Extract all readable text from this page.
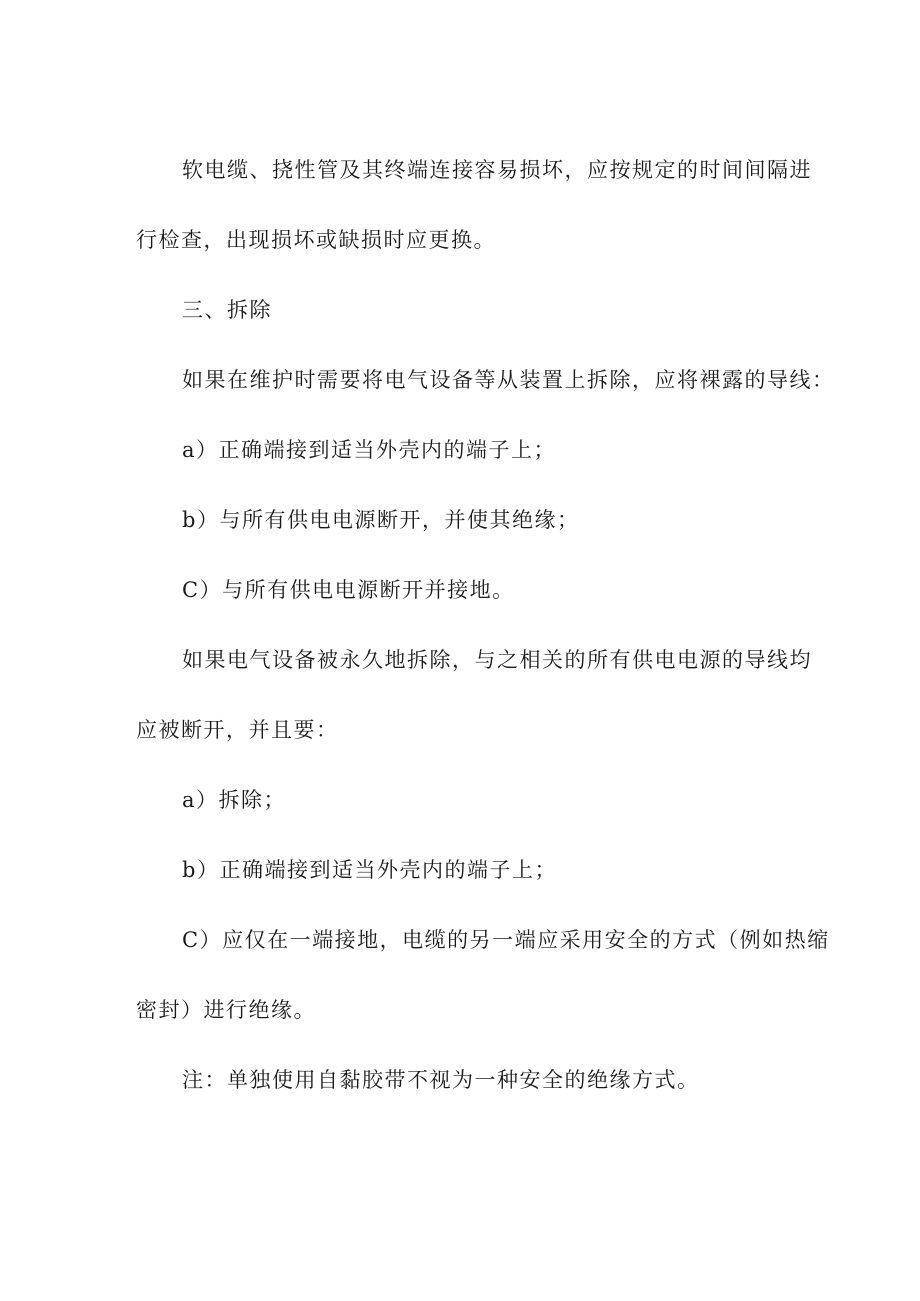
软电缆、挠性管及其终端连接容易损坏，应按规定的时间间隔进
行检查，出现损坏或缺损时应更换。
三、拆除
如果在维护时需要将电气设备等从装置上拆除，应将裸露的导线：
a）正确端接到适当外壳内的端子上；
b）与所有供电电源断开，并使其绝缘；
C）与所有供电电源断开并接地。
如果电气设备被永久地拆除，与之相关的所有供电电源的导线均
应被断开，并且要：
a）拆除；
b）正确端接到适当外壳内的端子上；
C）应仅在一端接地，电缆的另一端应采用安全的方式（例如热缩
密封）进行绝缘。
注：单独使用自黏胶带不视为一种安全的绝缘方式。
